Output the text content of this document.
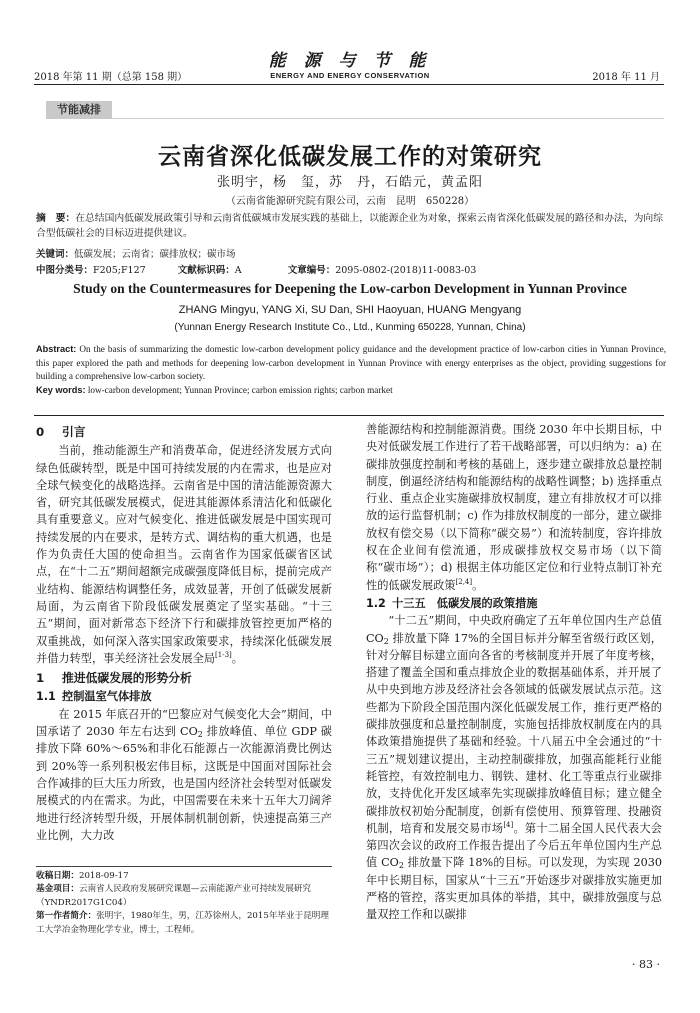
2018 年第 11 期（总第 158 期）
能 源 与 节 能
ENERGY AND ENERGY CONSERVATION	2018 年 11 月
节能减排
云南省深化低碳发展工作的对策研究
张明宇，杨　玺，苏　丹，石皓元，黄孟阳
（云南省能源研究院有限公司，云南　昆明　650228）
摘　要：在总结国内低碳发展政策引导和云南省低碳城市发展实践的基础上，以能源企业为对象，探索云南省深化低碳发展的路径和办法，为向综合型低碳社会的目标迈进提供建议。
关键词：低碳发展；云南省；碳排放权；碳市场
中图分类号：F205;F127	文献标识码：A	文章编号：2095-0802-(2018)11-0083-03
Study on the Countermeasures for Deepening the Low-carbon Development in Yunnan Province
ZHANG Mingyu, YANG Xi, SU Dan, SHI Haoyuan, HUANG Mengyang
(Yunnan Energy Research Institute Co., Ltd., Kunming 650228, Yunnan, China)
Abstract: On the basis of summarizing the domestic low-carbon development policy guidance and the development practice of low-carbon cities in Yunnan Province, this paper explored the path and methods for deepening low-carbon development in Yunnan Province with energy enterprises as the object, providing suggestions for building a comprehensive low-carbon society.
Key words: low-carbon development; Yunnan Province; carbon emission rights; carbon market
0 引言

当前，推动能源生产和消费革命，促进经济发展方式向绿色低碳转型，既是中国可持续发展的内在需求，也是应对全球气候变化的战略选择。云南省是中国的清洁能源资源大省，研究其低碳发展模式，促进其能源体系清洁化和低碳化具有重要意义。应对气候变化、推进低碳发展是中国实现可持续发展的内在要求，是转方式、调结构的重大机遇，也是作为负责任大国的使命担当。云南省作为国家低碳省区试点，在“十二五”期间超额完成碳强度降低目标，提前完成产业结构、能源结构调整任务，成效显著，开创了低碳发展新局面，为云南省下阶段低碳发展奠定了坚实基础。“十三五”期间，面对新常态下经济下行和碳排放管控更加严格的双重挑战，如何深入落实国家政策要求，持续深化低碳发展并借力转型，事关经济社会发展全局[1-3]。

1 推进低碳发展的形势分析
1.1 控制温室气体排放

在 2015 年底召开的“巴黎应对气候变化大会”期间，中国承诺了 2030 年左右达到 $CO_2$ 排放峰值、单位 GDP 碳排放下降 60%～65%和非化石能源占一次能源消费比例达到 20%等一系列积极宏伟目标，这既是中国面对国际社会合作减排的巨大压力所致，也是国内经济社会转型对低碳发展模式的内在需求。为此，中国需要在未来十五年大刀阔斧地进行经济转型升级，开展体制机制创新，快速提高第三产业比例，大力改

收稿日期：2018-09-17
基金项目：云南省人民政府发展研究课题—云南能源产业可持续发展研究（YNDR2017G1C04）
第一作者简介：张明宇，1980年生，男，江苏徐州人，2015年毕业于昆明理工大学冶金物理化学专业，博士，工程师。

善能源结构和控制能源消费。围绕 2030 年中长期目标，中央对低碳发展工作进行了若干战略部署，可以归纳为：a) 在碳排放强度控制和考核的基础上，逐步建立碳排放总量控制制度，倒逼经济结构和能源结构的战略性调整；b) 选择重点行业、重点企业实施碳排放权制度，建立有排放权才可以排放的运行监督机制；c) 作为排放权制度的一部分，建立碳排放权有偿交易（以下简称“碳交易”）和流转制度，容许排放权在企业间有偿流通，形成碳排放权交易市场（以下简称“碳市场”）；d) 根据主体功能区定位和行业特点制订补充性的低碳发展政策[2,4]。

1.2 十三五　低碳发展的政策措施

“十二五”期间，中央政府确定了五年单位国内生产总值 $CO_2$ 排放量下降 17%的全国目标并分解至省级行政区划，针对分解目标建立面向各省的考核制度并开展了年度考核，搭建了覆盖全国和重点排放企业的数据基础体系，并开展了从中央到地方涉及经济社会各领域的低碳发展试点示范。这些都为下阶段全国范围内深化低碳发展工作，推行更严格的碳排放强度和总量控制制度，实施包括排放权制度在内的具体政策措施提供了基础和经验。十八届五中全会通过的“十三五”规划建议提出，主动控制碳排放，加强高能耗行业能耗管控，有效控制电力、钢铁、建材、化工等重点行业碳排放，支持优化开发区域率先实现碳排放峰值目标；建立健全碳排放权初始分配制度，创新有偿使用、预算管理、投融资机制，培育和发展交易市场[4]。第十二届全国人民代表大会第四次会议的政府工作报告提出了今后五年单位国内生产总值 $CO_2$ 排放量下降 18%的目标。可以发现，为实现 2030 年中长期目标，国家从“十三五”开始逐步对碳排放实施更加严格的管控，落实更加具体的举措，其中，碳排放强度与总量双控工作和以碳排

· 83 ·
